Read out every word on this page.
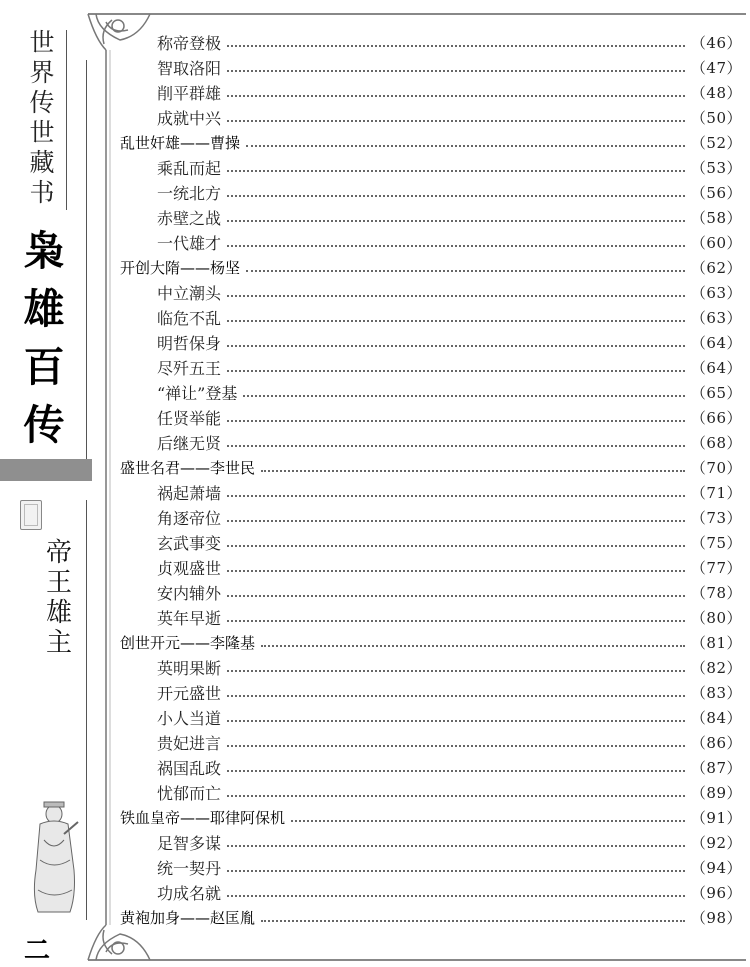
世
界
传
世
藏
书
枭
雄
百
传
帝
王
雄
主
二
称帝登极	（46）
智取洛阳	（47）
削平群雄	（48）
成就中兴	（50）
乱世奸雄——曹操	（52）
乘乱而起	（53）
一统北方	（56）
赤壁之战	（58）
一代雄才	（60）
开创大隋——杨坚	（62）
中立潮头	（63）
临危不乱	（63）
明哲保身	（64）
尽歼五王	（64）
“禅让”登基	（65）
任贤举能	（66）
后继无贤	（68）
盛世名君——李世民	（70）
祸起萧墙	（71）
角逐帝位	（73）
玄武事变	（75）
贞观盛世	（77）
安内辅外	（78）
英年早逝	（80）
创世开元——李隆基	（81）
英明果断	（82）
开元盛世	（83）
小人当道	（84）
贵妃进言	（86）
祸国乱政	（87）
忧郁而亡	（89）
铁血皇帝——耶律阿保机	（91）
足智多谋	（92）
统一契丹	（94）
功成名就	（96）
黄袍加身——赵匡胤	（98）
